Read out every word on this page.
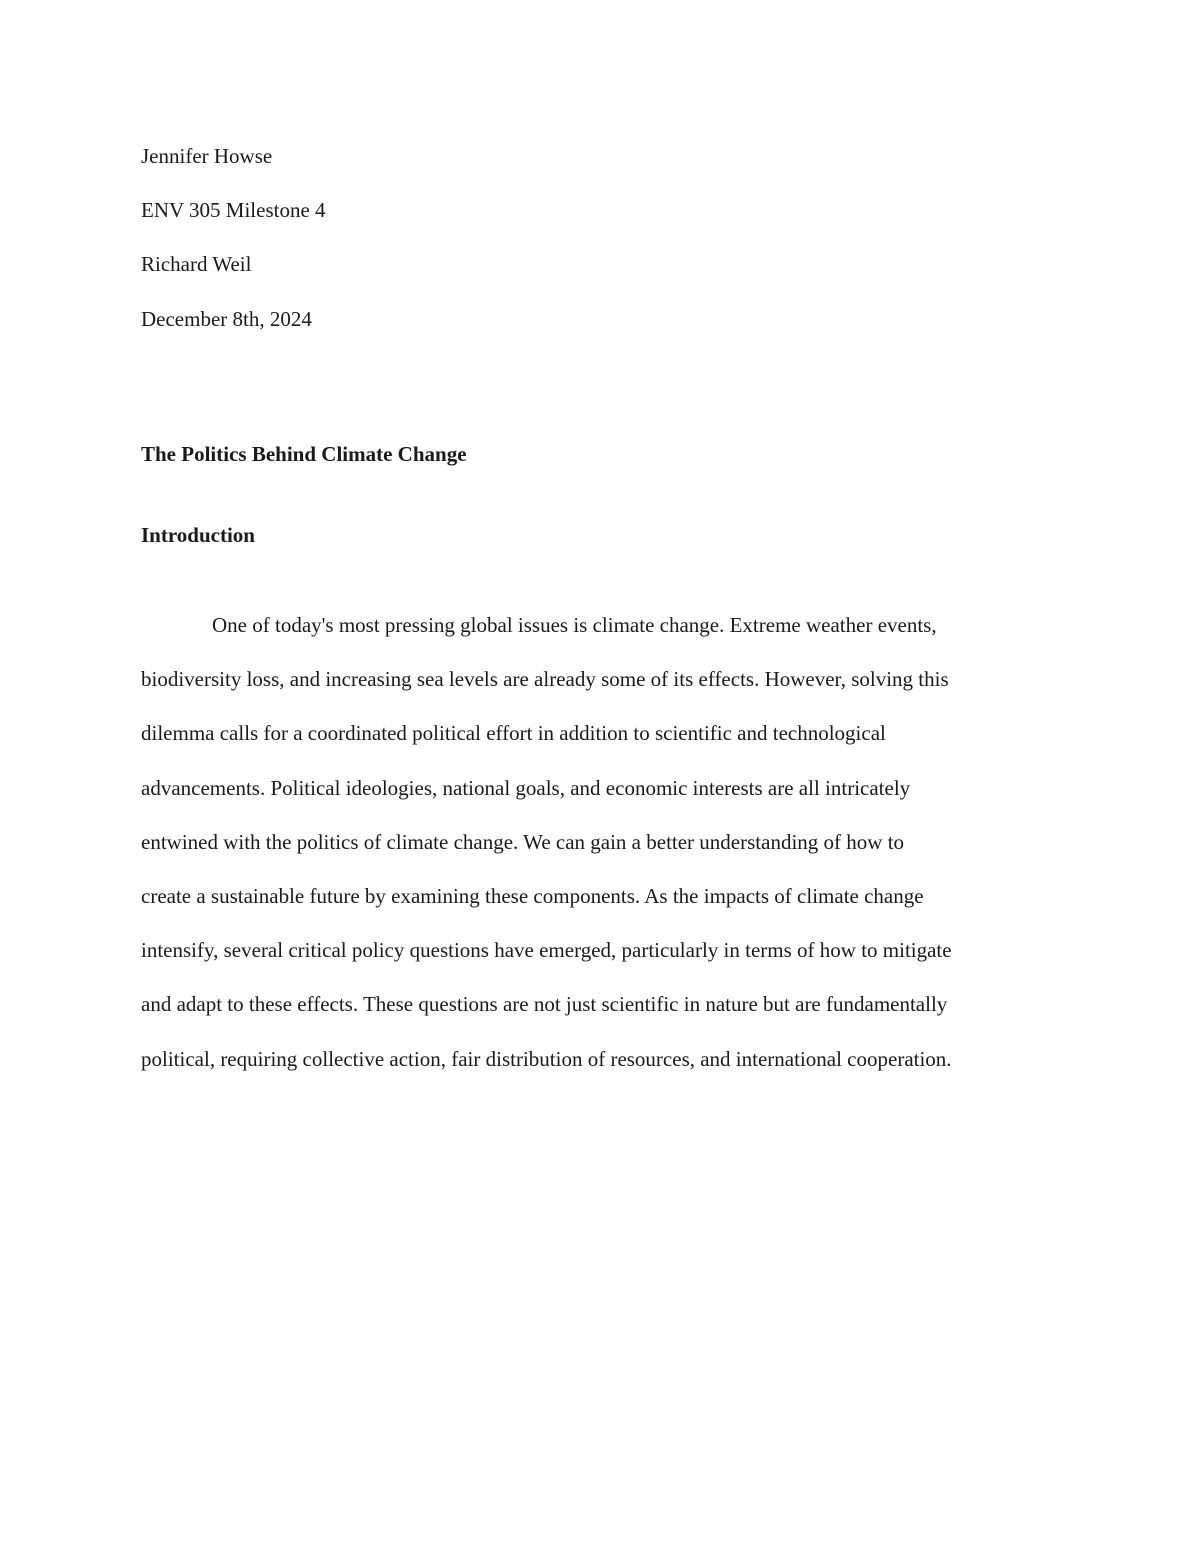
Jennifer Howse
ENV 305 Milestone 4
Richard Weil
December 8th, 2024
The Politics Behind Climate Change
Introduction
One of today's most pressing global issues is climate change. Extreme weather events,
biodiversity loss, and increasing sea levels are already some of its effects. However, solving this
dilemma calls for a coordinated political effort in addition to scientific and technological
advancements. Political ideologies, national goals, and economic interests are all intricately
entwined with the politics of climate change. We can gain a better understanding of how to
create a sustainable future by examining these components. As the impacts of climate change
intensify, several critical policy questions have emerged, particularly in terms of how to mitigate
and adapt to these effects. These questions are not just scientific in nature but are fundamentally
political, requiring collective action, fair distribution of resources, and international cooperation.
